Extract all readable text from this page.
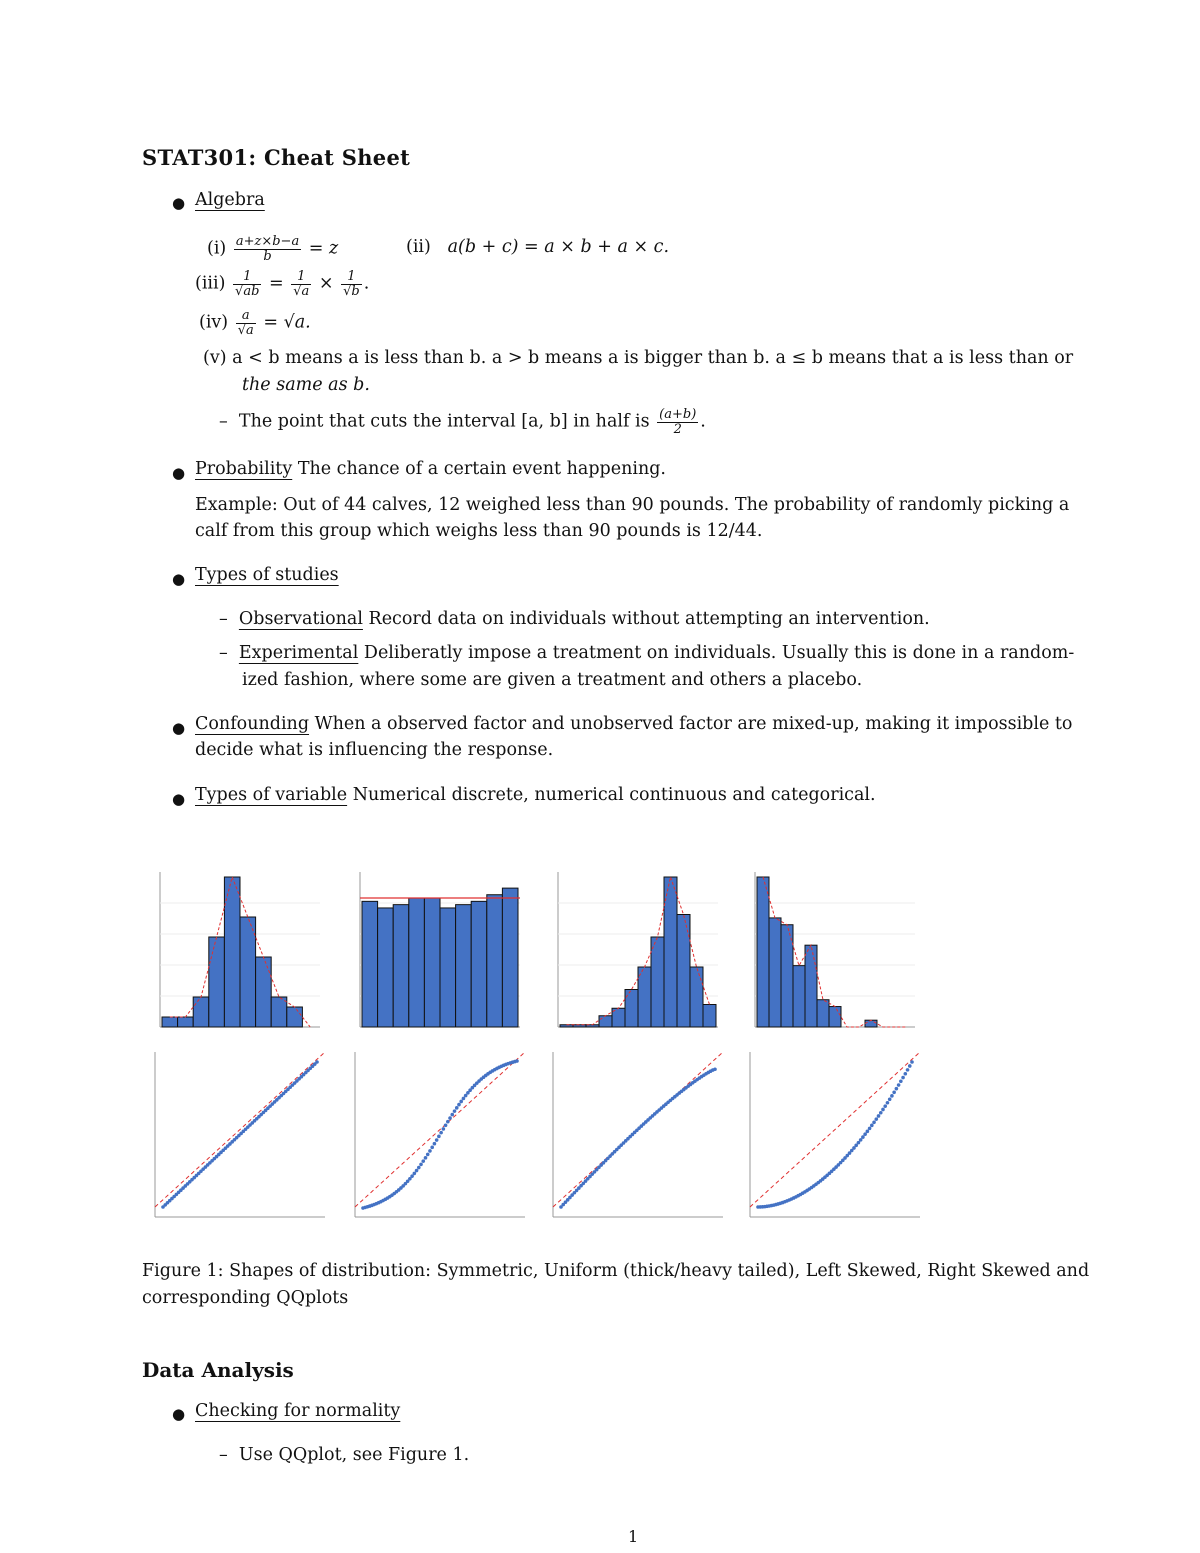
STAT301: Cheat Sheet
● Algebra
$(i) \frac{a+z\times b-a}{b} = z$	(ii) a(b + c) = a × b + a × c.
$(iii) \frac{1}{√ab} = \frac{1}{√a} \times \frac{1}{√b}$ .
$(iv) \frac{a}{√a} = √a$.
(v) a < b means a is less than b. a > b means a is bigger than b. a ≤ b means that a is less than or
the same as b.
– The point that cuts the interval [a, b] in half is $\frac{(a+b)}{2}$ .
● Probability The chance of a certain event happening.
Example: Out of 44 calves, 12 weighed less than 90 pounds. The probability of randomly picking a
calf from this group which weighs less than 90 pounds is 12/44.
● Types of studies
– Observational Record data on individuals without attempting an intervention.
– Experimental Deliberatly impose a treatment on individuals. Usually this is done in a random-
ized fashion, where some are given a treatment and others a placebo.
● Confounding When a observed factor and unobserved factor are mixed-up, making it impossible to
decide what is influencing the response.
● Types of variable Numerical discrete, numerical continuous and categorical.
Figure 1: Shapes of distribution: Symmetric, Uniform (thick/heavy tailed), Left Skewed, Right Skewed and corresponding QQplots
Data Analysis
● Checking for normality
– Use QQplot, see Figure 1.
1
